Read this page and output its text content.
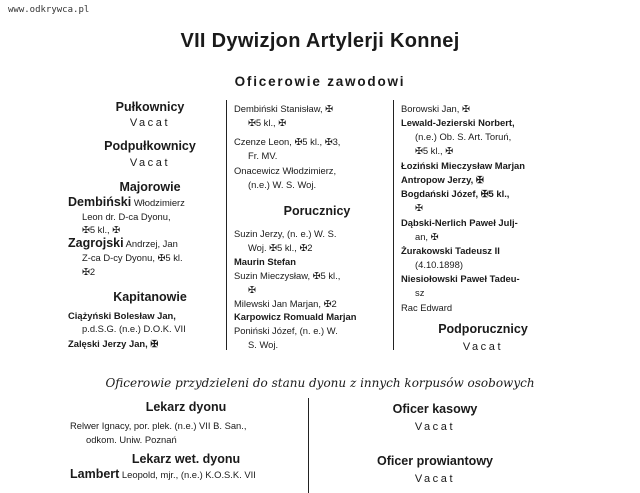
www.odkrywca.pl
VII Dywizjon Artylerji Konnej
Oficerowie zawodowi
Pułkownicy
Vacat
Podpułkownicy
Vacat
Majorowie
Dembiński Włodzimierz
Leon dr. D-ca Dyonu,
✠5 kl., ✠
Zagrojski Andrzej, Jan
Z-ca D-cy Dyonu, ✠5 kl.
✠2
Kapitanowie
Ciążyński Bolesław Jan,
p.d.S.G. (n.e.) D.O.K. VII
Zalęski Jerzy Jan, ✠
Dembiński Stanisław, ✠
✠5 kl., ✠
Czenze Leon, ✠5 kl., ✠3,
Fr. MV.
Onacewicz Włodzimierz,
(n.e.) W. S. Woj.
Porucznicy
Suzin Jerzy, (n. e.) W. S.
Woj. ✠5 kl., ✠2
Maurin Stefan
Suzin Mieczysław, ✠5 kl.,
✠
Milewski Jan Marjan, ✠2
Karpowicz Romuald Marjan
Poniński Józef, (n. e.) W.
S. Woj.
Borowski Jan, ✠
Lewald-Jezierski Norbert,
(n.e.) Ob. S. Art. Toruń,
✠5 kl., ✠
Łoziński Mieczysław Marjan
Antropow Jerzy, ✠
Bogdański Józef, ✠5 kl.,
✠
Dąbski-Nerlich Paweł Julj-
an, ✠
Żurakowski Tadeusz II
(4.10.1898)
Niesiołowski Paweł Tadeu-
sz
Rac Edward
Podporucznicy
Vacat
Oficerowie przydzieleni do stanu dyonu z innych korpusów osobowych
Lekarz dyonu
Relwer Ignacy, por. plek. (n.e.) VII B. San.,
odkom. Uniw. Poznań
Lekarz wet. dyonu
Lambert Leopold, mjr., (n.e.) K.O.S.K. VII
Oficer kasowy
Vacat
Oficer prowiantowy
Vacat
